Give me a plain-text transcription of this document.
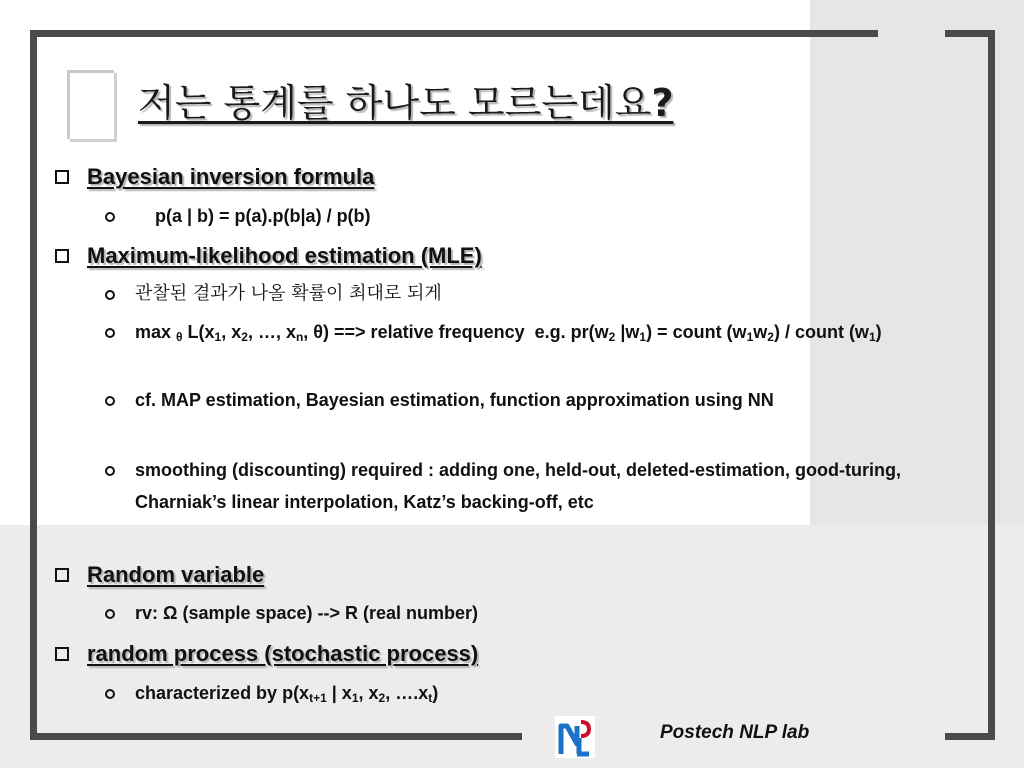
저는 통계를 하나도 모르는데요?
Bayesian inversion formula
p(a | b) = p(a).p(b|a) / p(b)
Maximum-likelihood estimation (MLE)
관찰된 결과가 나올 확률이 최대로 되게
max $_\theta$ $L(x_1$, $x_2$, …, $x_n$, θ) ==> relative frequency  e.g. $pr(w_2$ $|w_1$) = count $(w_1w_2)$ / count $(w_1)$
cf. MAP estimation, Bayesian estimation, function approximation using NN
smoothing (discounting) required : adding one, held-out, deleted-estimation, good-turing, Charniak’s linear interpolation, Katz’s backing-off, etc
Random variable
rv: Ω (sample space) --> R (real number)
random process (stochastic process)
characterized by $p(x_{t+1}$ | $x_1$, $x_2$, $\dots.x_t$)
Postech NLP lab
